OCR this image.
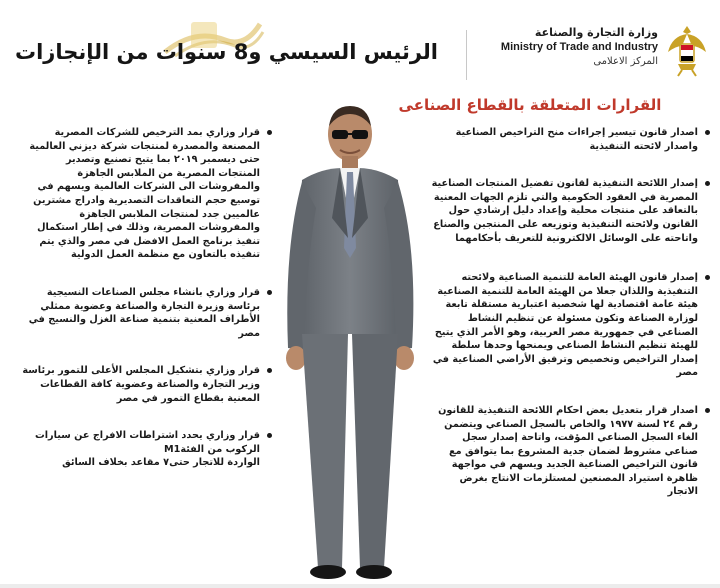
الرئيس السيسي و8 سنوات من الإنجازات
وزارة التجارة والصناعة
Ministry of Trade and Industry
المركز الاعلامى
القرارات المتعلقة بالقطاع الصناعى
اصدار قانون تيسير إجراءات منح التراخيص الصناعية واصدار لائحته التنفيذية
إصدار اللائحة التنفيذية لقانون تفضيل المنتجات الصناعية المصرية في العقود الحكومية والتي تلزم الجهات المعنية بالتعاقد على منتجات محلية وإعداد دليل إرشادي حول القانون ولائحته التنفيذية وتوزيعه على المنتجين والصناع واتاحته على الوسائل الالكترونية للتعريف بأحكامهما
إصدار قانون الهيئة العامة للتنمية الصناعية ولائحته التنفيذية واللذان جعلا من الهيئة العامة للتنمية الصناعية هيئة عامة اقتصادية لها شخصية اعتبارية مستقلة تابعة لوزارة الصناعة وتكون مسئولة عن تنظيم النشاط الصناعي في جمهورية مصر العربية، وهو الأمر الذي يتيح للهيئة تنظيم النشاط الصناعي ويمنحها وحدها سلطة إصدار التراخيص وتخصيص وترفيق الأراضي الصناعية في مصر
اصدار قرار بتعديل بعض احكام اللائحة التنفيذية للقانون رقم ٢٤ لسنة ١٩٧٧ والخاص بالسجل الصناعي ويتضمن الغاء السجل الصناعي المؤقت، واتاحة إصدار سجل صناعي مشروط لضمان جدية المشروع بما يتوافق مع قانون التراخيص الصناعية الجديد ويسهم في مواجهة ظاهرة استيراد المصنعين لمستلزمات الانتاج بغرض الاتجار
قرار وزاري بمد الترخيص للشركات المصرية المصنعة والمصدرة لمنتجات شركة ديزني العالمية حتى ديسمبر ٢٠١٩ بما يتيح تصنيع وتصدير المنتجات المصرية من الملابس الجاهزة والمفروشات الى الشركات العالمية ويسهم في توسيع حجم التعاقدات التصديرية وادراج مشترين عالميين جدد لمنتجات الملابس الجاهزة والمفروشات المصرية، وذلك في إطار استكمال تنفيذ برنامج العمل الافضل في مصر والذي يتم تنفيذه بالتعاون مع منظمة العمل الدولية
قرار وزاري بانشاء مجلس الصناعات النسيجية برئاسة وزيرة التجارة والصناعة وعضوية ممثلي الأطراف المعنية بتنمية صناعة الغزل والنسيج في مصر
قرار وزاري بتشكيل المجلس الأعلى للتمور برئاسة وزير التجارة والصناعة وعضوية كافة القطاعات المعنية بقطاع التمور في مصر
قرار وزاري يحدد اشتراطات الافراج عن سيارات الركوب من الفئةM1
الواردة للاتجار حتى٧ مقاعد بخلاف السائق
